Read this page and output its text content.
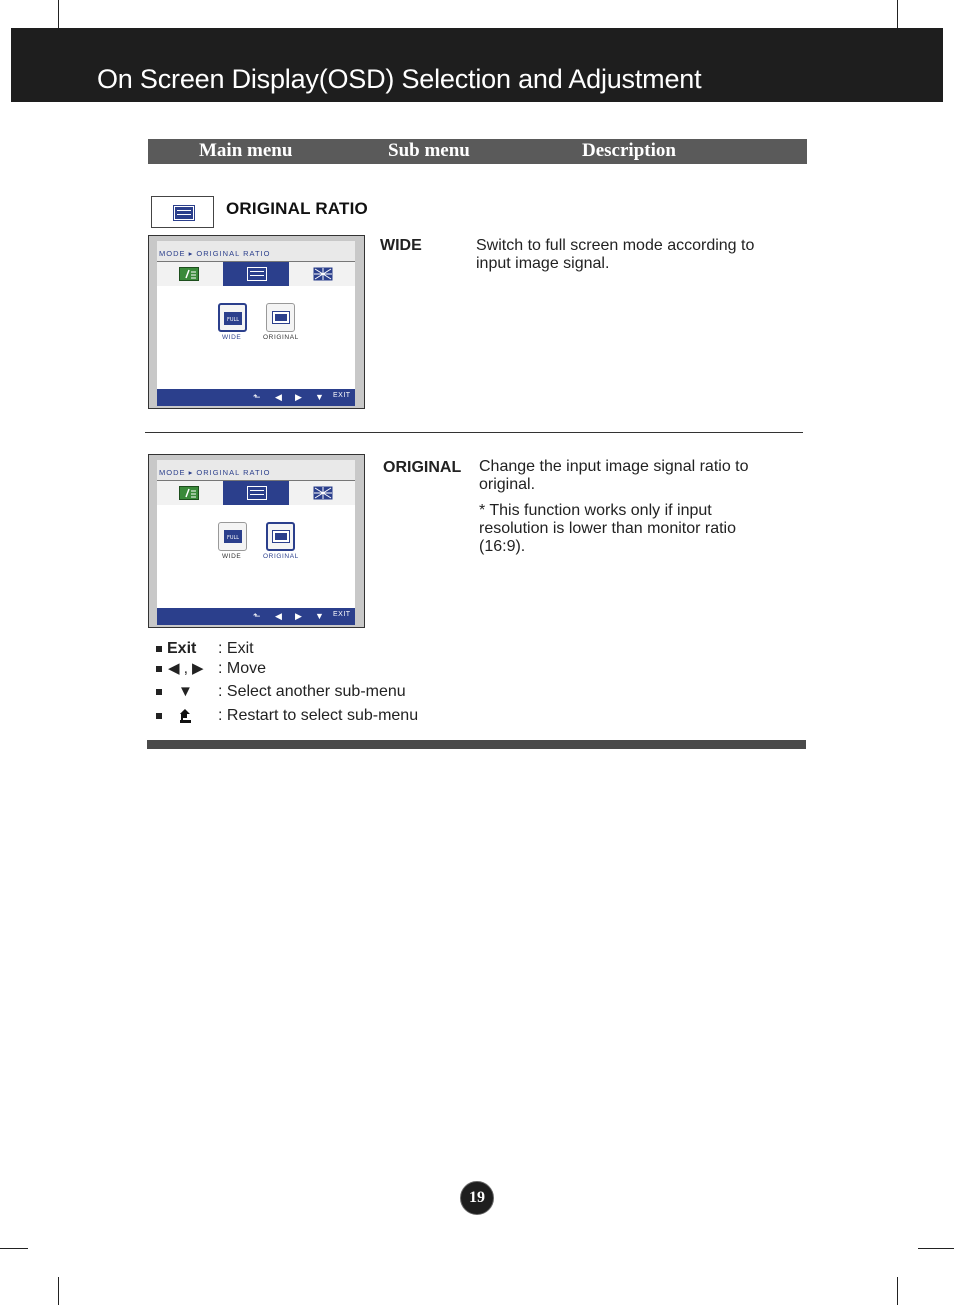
On Screen Display(OSD) Selection and Adjustment
Main menu	Sub menu	Description
ORIGINAL RATIO
MODE ▸ ORIGINAL RATIO
FULL
WIDE	ORIGINAL
⬑ ◀ ▶ ▼ EXIT
WIDE	Switch to full screen mode according to input image signal.
MODE ▸ ORIGINAL RATIO
FULL
WIDE	ORIGINAL
⬑ ◀ ▶ ▼ EXIT
ORIGINAL Change the input image signal ratio to original.
* This function works only if input resolution is lower than monitor ratio (16:9).
Exit : Exit
◀ , ▶ : Move
▼ : Select another sub-menu
: Restart to select sub-menu
19
